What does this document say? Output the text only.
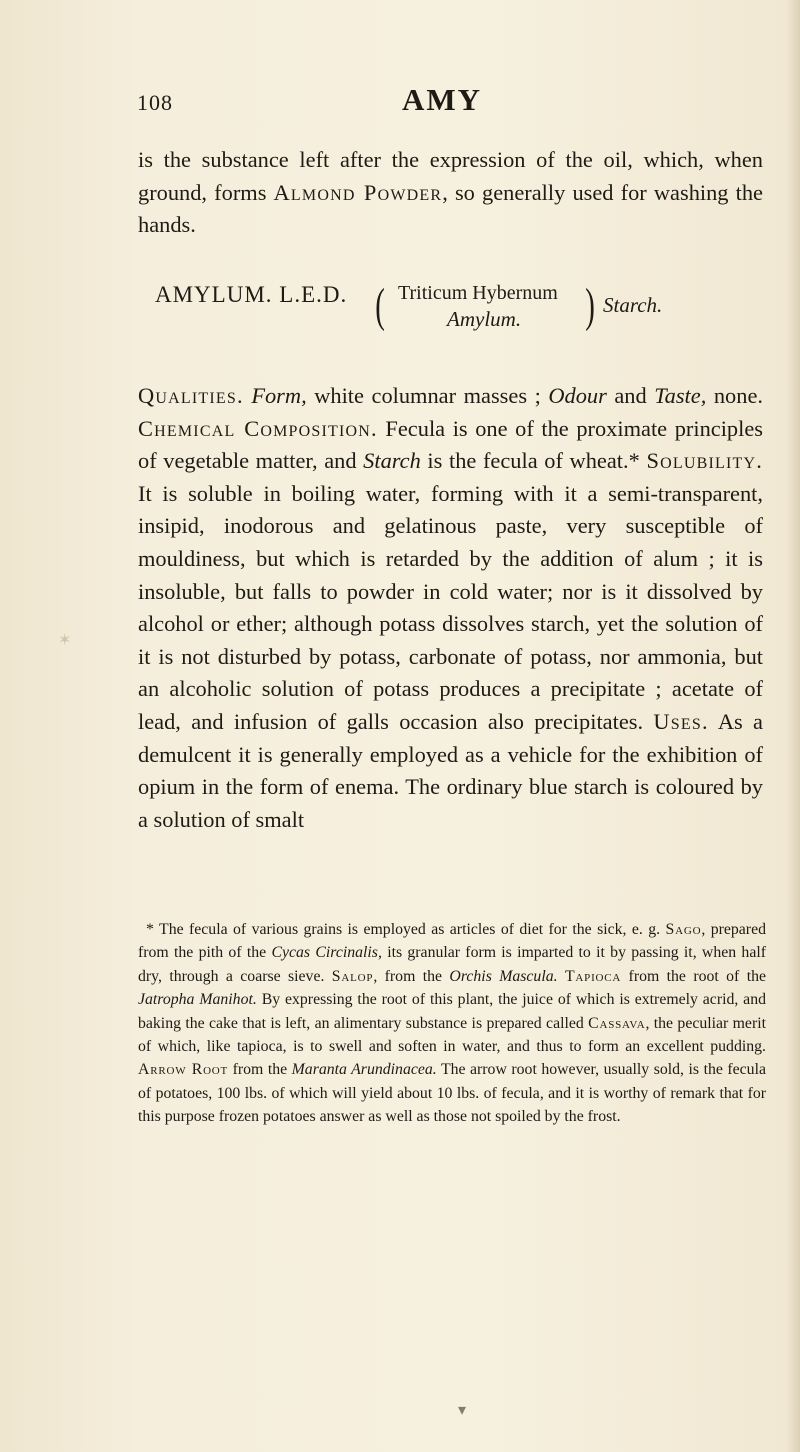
108	AMY

is the substance left after the expression of the oil, which, when ground, forms Almond Powder, so generally used for washing the hands.

AMYLUM. L.E.D. ( Triticum Hybernum
Amylum. ) Starch.

Qualities. Form, white columnar masses ; Odour and Taste, none. Chemical Composition. Fecula is one of the proximate principles of vegetable matter, and Starch is the fecula of wheat.* Solubility. It is soluble in boiling water, forming with it a semi-transparent, insipid, inodorous and gelatinous paste, very susceptible of mouldiness, but which is retarded by the addition of alum ; it is insoluble, but falls to powder in cold water; nor is it dissolved by alcohol or ether; although potass dissolves starch, yet the solution of it is not disturbed by potass, carbonate of potass, nor ammonia, but an alcoholic solution of potass produces a precipitate ; acetate of lead, and infusion of galls occasion also precipitates. Uses. As a demulcent it is generally employed as a vehicle for the exhibition of opium in the form of enema. The ordinary blue starch is coloured by a solution of smalt

* The fecula of various grains is employed as articles of diet for the sick, e. g. Sago, prepared from the pith of the Cycas Circinalis, its granular form is imparted to it by passing it, when half dry, through a coarse sieve. Salop, from the Orchis Mascula. Tapioca from the root of the Jatropha Manihot. By expressing the root of this plant, the juice of which is extremely acrid, and baking the cake that is left, an alimentary substance is prepared called Cassava, the peculiar merit of which, like tapioca, is to swell and soften in water, and thus to form an excellent pudding. Arrow Root from the Maranta Arundinacea. The arrow root however, usually sold, is the fecula of potatoes, 100 lbs. of which will yield about 10 lbs. of fecula, and it is worthy of remark that for this purpose frozen potatoes answer as well as those not spoiled by the frost.

✶
▾
